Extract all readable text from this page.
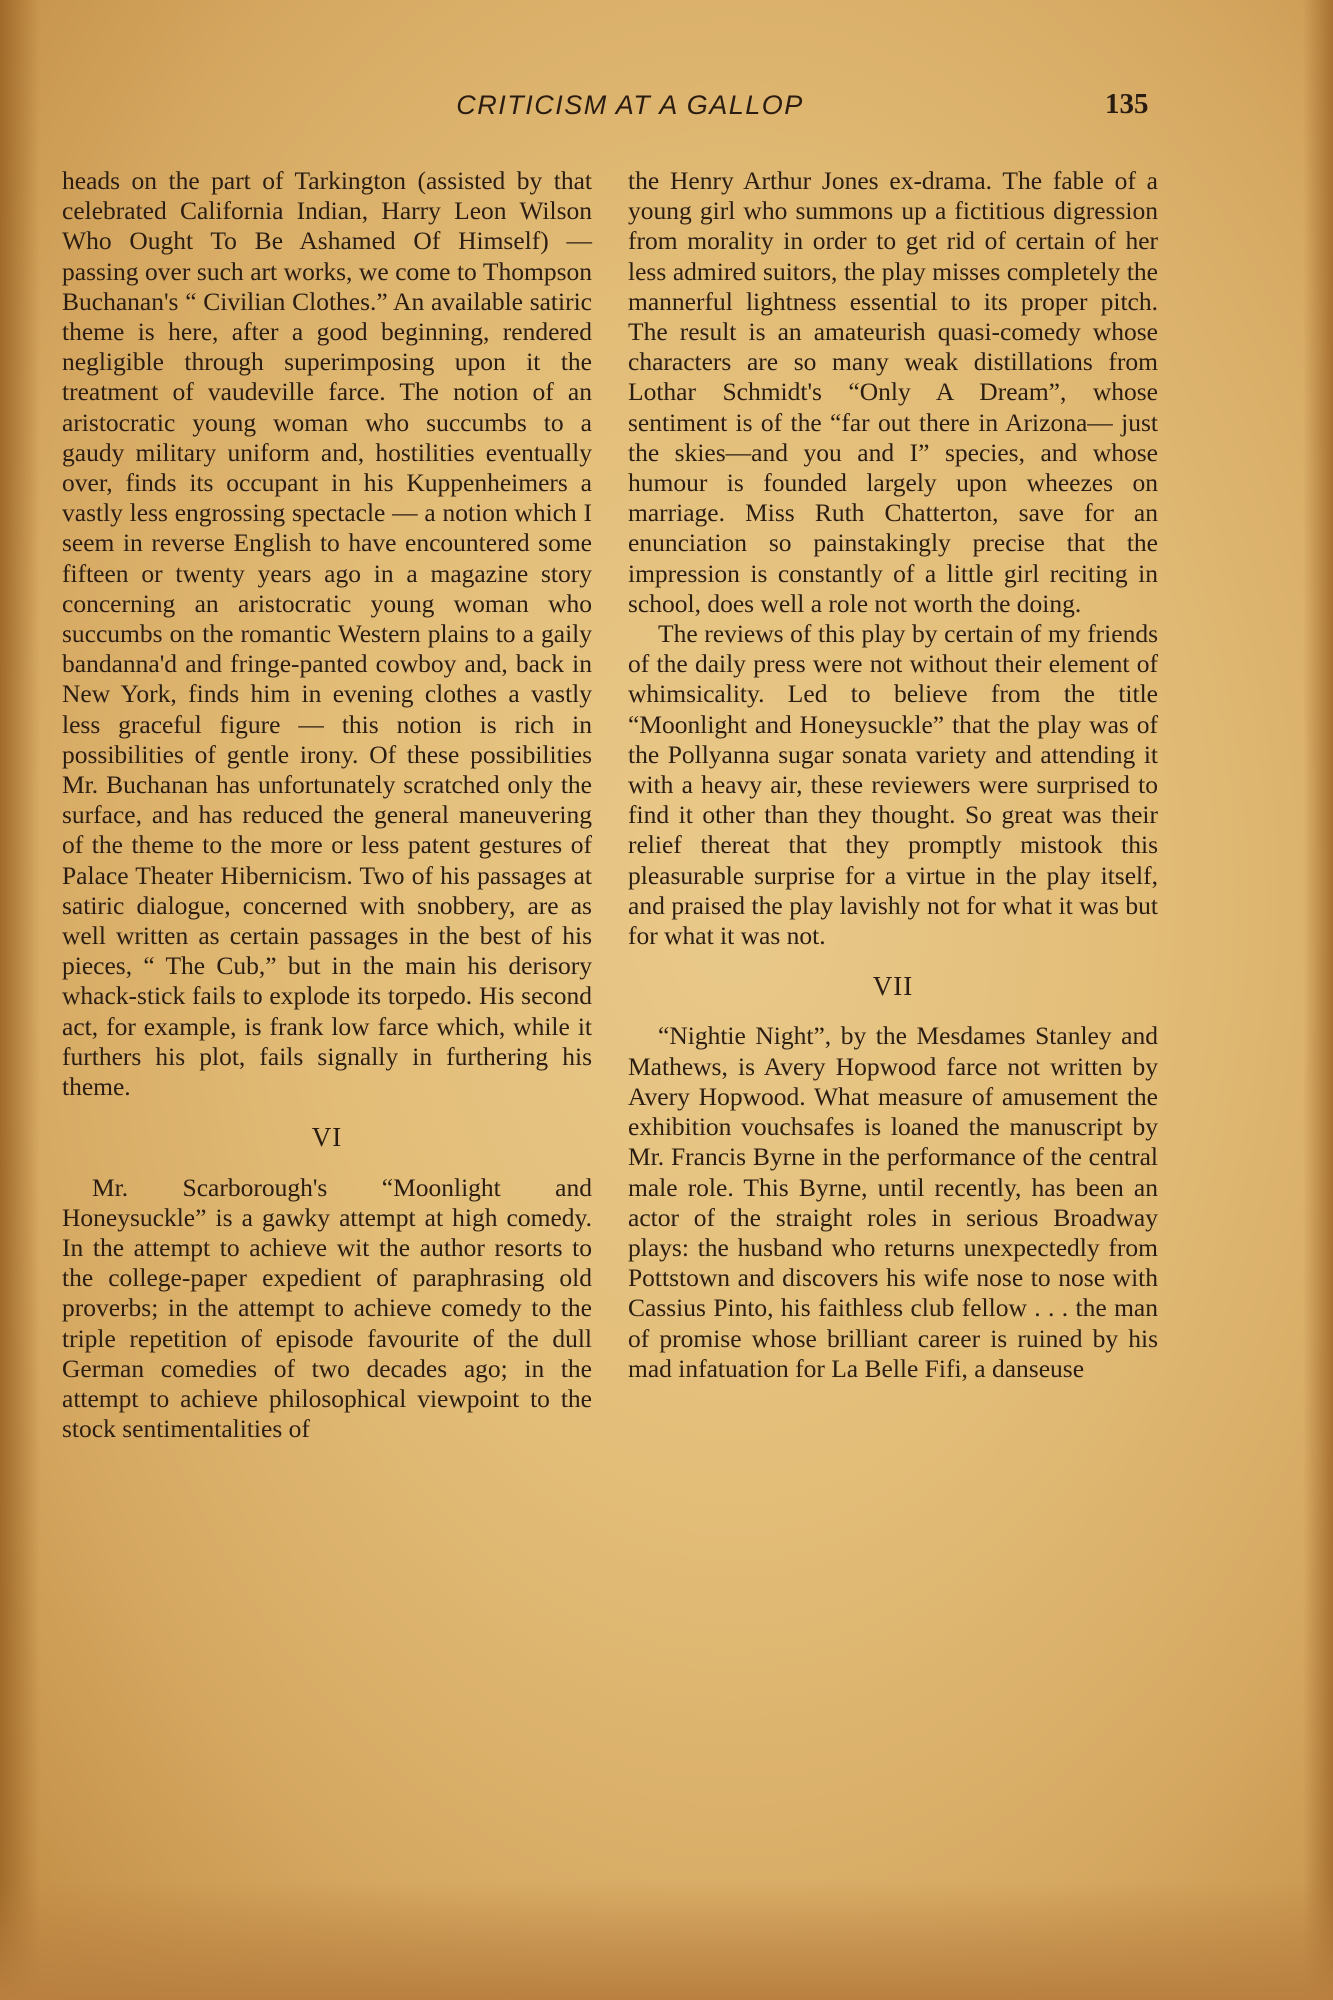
CRITICISM AT A GALLOP	135

heads on the part of Tarkington (assisted by that celebrated California Indian, Harry Leon Wilson Who Ought To Be Ashamed Of Himself) — passing over such art works, we come to Thompson Buchanan's “ Civilian Clothes.” An available satiric theme is here, after a good beginning, rendered negligible through superimposing upon it the treatment of vaudeville farce. The notion of an aristocratic young woman who succumbs to a gaudy military uniform and, hostilities eventually over, finds its occupant in his Kuppenheimers a vastly less engrossing spectacle — a notion which I seem in reverse English to have encountered some fifteen or twenty years ago in a magazine story concerning an aristocratic young woman who succumbs on the romantic Western plains to a gaily bandanna'd and fringe-panted cowboy and, back in New York, finds him in evening clothes a vastly less graceful figure — this notion is rich in possibilities of gentle irony. Of these possibilities Mr. Buchanan has unfortunately scratched only the surface, and has reduced the general maneuvering of the theme to the more or less patent gestures of Palace Theater Hibernicism. Two of his passages at satiric dialogue, concerned with snobbery, are as well written as certain passages in the best of his pieces, “ The Cub,” but in the main his derisory whack-stick fails to explode its torpedo. His second act, for example, is frank low farce which, while it furthers his plot, fails signally in furthering his theme.

VI

Mr. Scarborough's “Moonlight and Honeysuckle” is a gawky attempt at high comedy. In the attempt to achieve wit the author resorts to the college-paper expedient of paraphrasing old proverbs; in the attempt to achieve comedy to the triple repetition of episode favourite of the dull German comedies of two decades ago; in the attempt to achieve philosophical viewpoint to the stock sentimentalities of

the Henry Arthur Jones ex-drama. The fable of a young girl who summons up a fictitious digression from morality in order to get rid of certain of her less admired suitors, the play misses completely the mannerful lightness essential to its proper pitch. The result is an amateurish quasi-comedy whose characters are so many weak distillations from Lothar Schmidt's “Only A Dream”, whose sentiment is of the “far out there in Arizona— just the skies—and you and I” species, and whose humour is founded largely upon wheezes on marriage. Miss Ruth Chatterton, save for an enunciation so painstakingly precise that the impression is constantly of a little girl reciting in school, does well a role not worth the doing.

The reviews of this play by certain of my friends of the daily press were not without their element of whimsicality. Led to believe from the title “Moonlight and Honeysuckle” that the play was of the Pollyanna sugar sonata variety and attending it with a heavy air, these reviewers were surprised to find it other than they thought. So great was their relief thereat that they promptly mistook this pleasurable surprise for a virtue in the play itself, and praised the play lavishly not for what it was but for what it was not.

VII

“Nightie Night”, by the Mesdames Stanley and Mathews, is Avery Hopwood farce not written by Avery Hopwood. What measure of amusement the exhibition vouchsafes is loaned the manuscript by Mr. Francis Byrne in the performance of the central male role. This Byrne, until recently, has been an actor of the straight roles in serious Broadway plays: the husband who returns unexpectedly from Pottstown and discovers his wife nose to nose with Cassius Pinto, his faithless club fellow . . . the man of promise whose brilliant career is ruined by his mad infatuation for La Belle Fifi, a danseuse
